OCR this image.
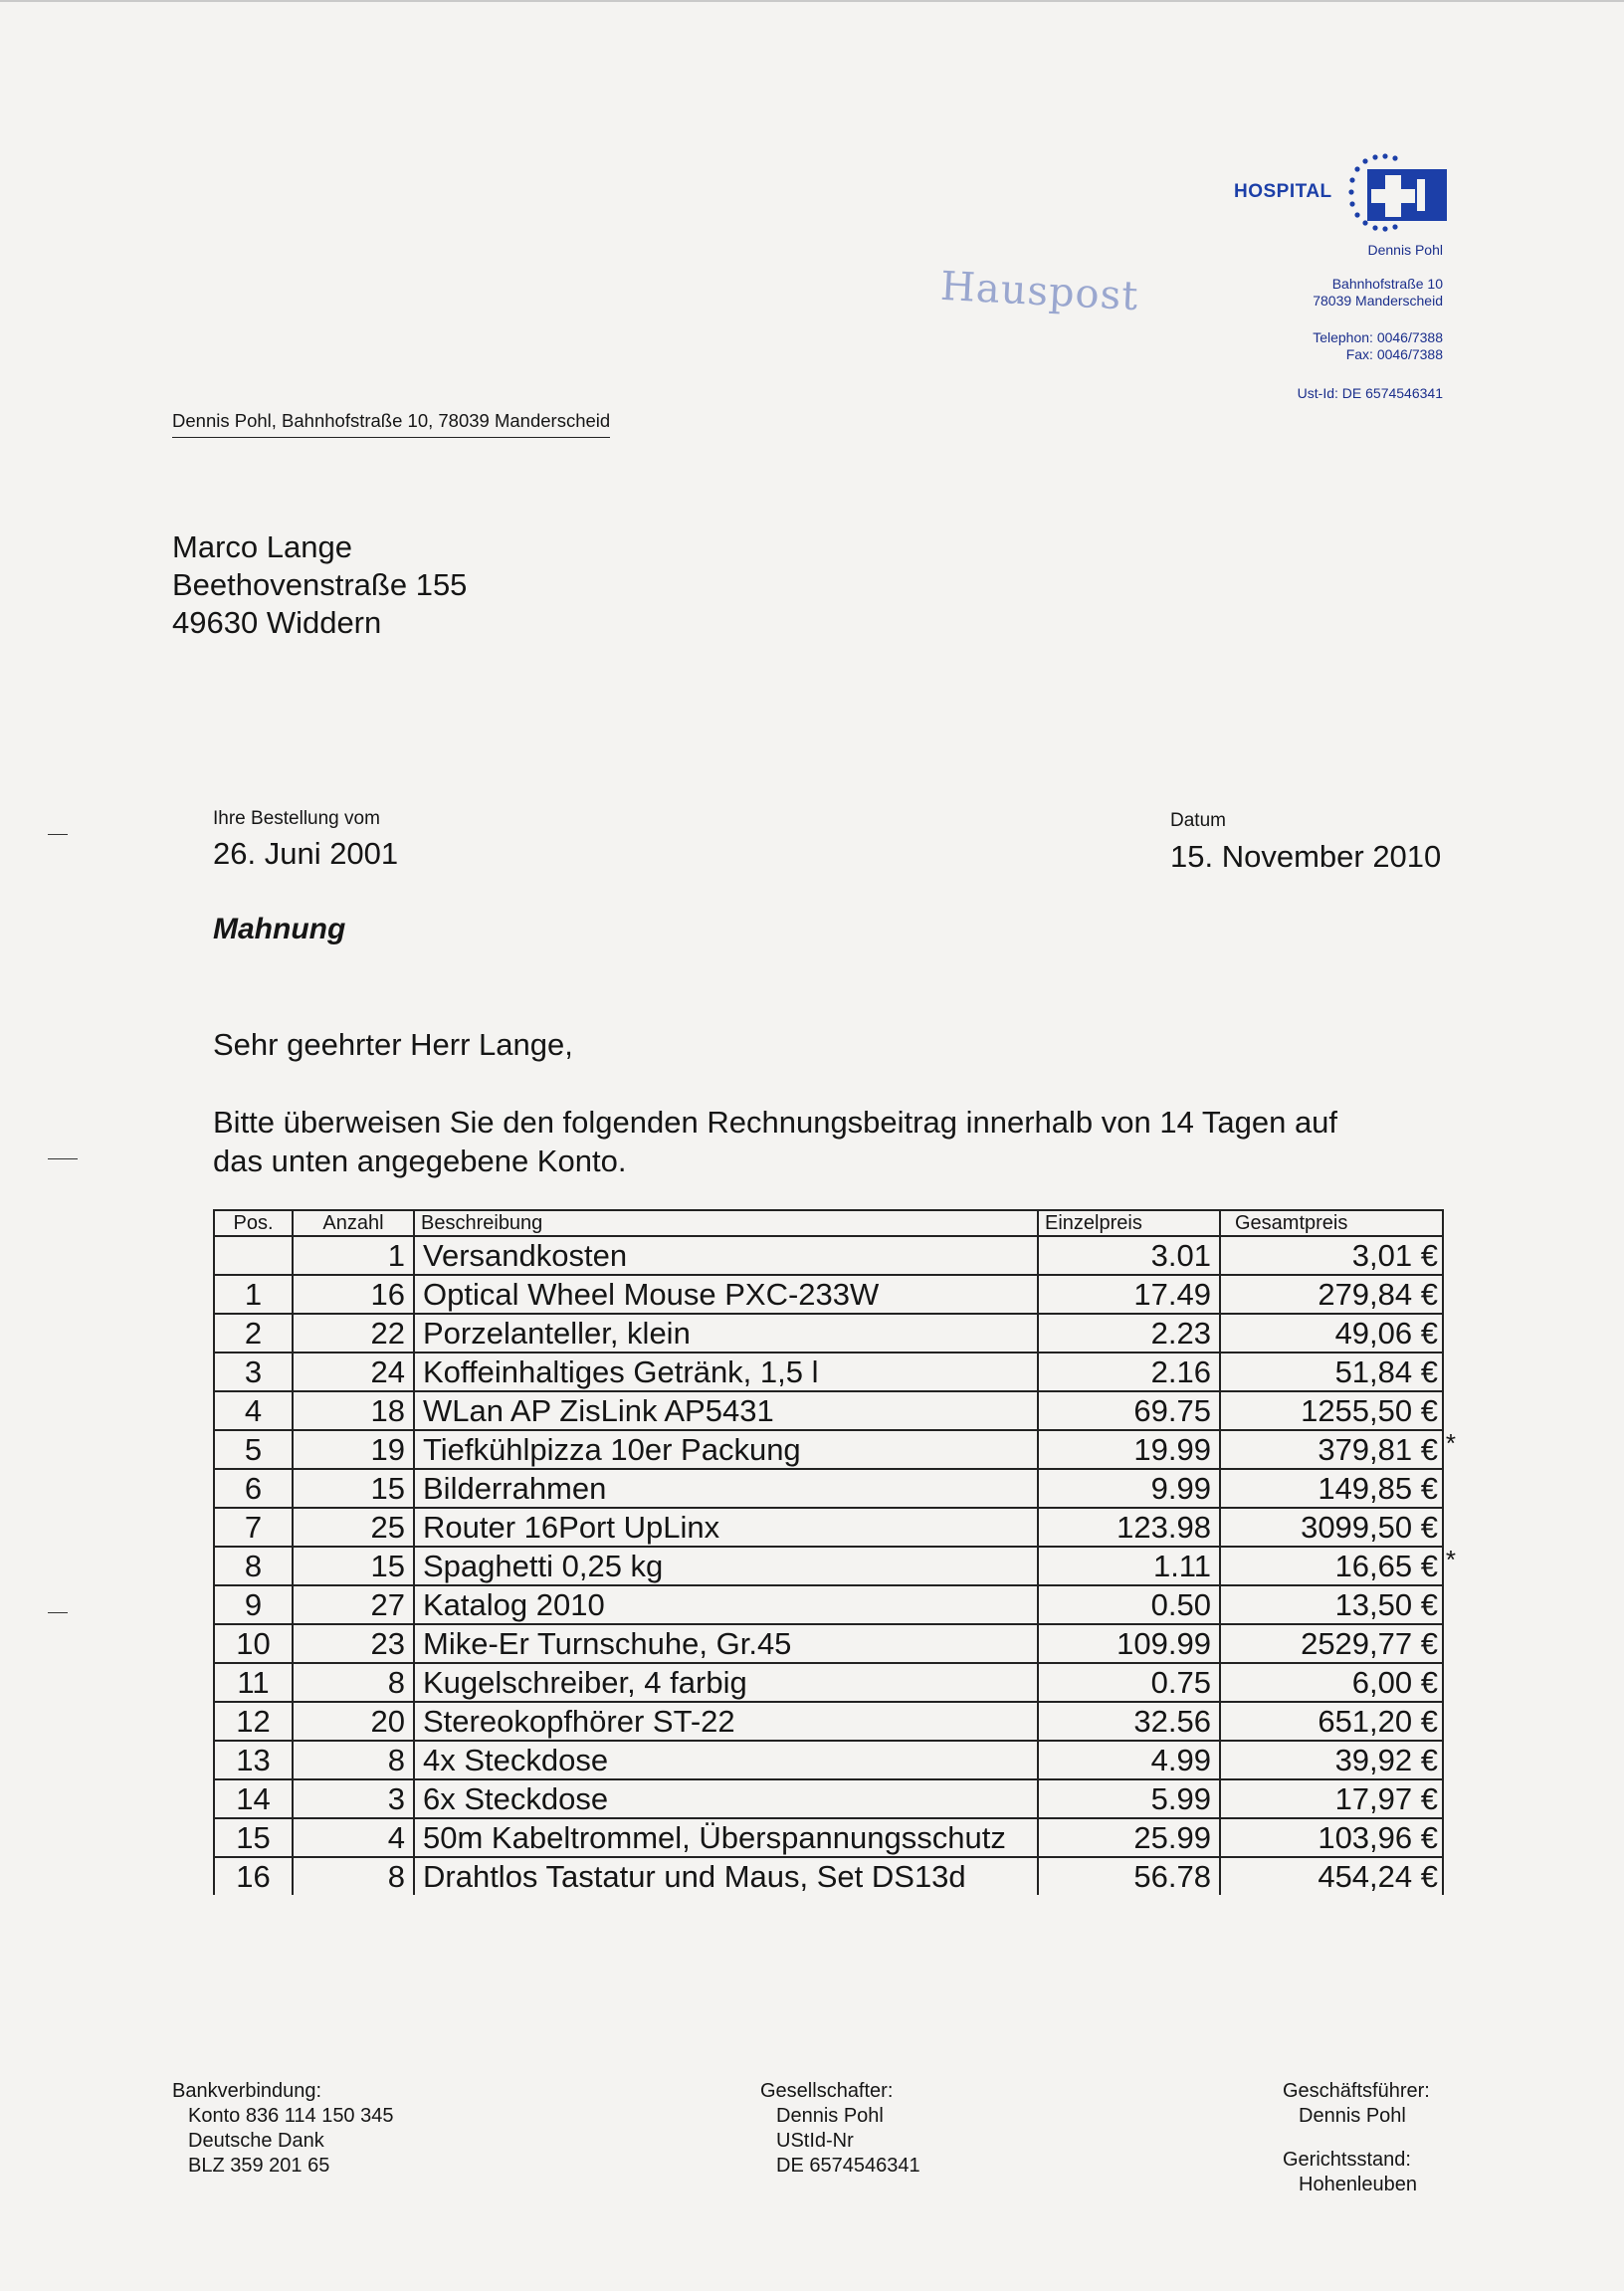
HOSPITAL
Dennis Pohl
Bahnhofstraße 10
78039 Manderscheid
Telephon: 0046/7388
Fax: 0046/7388
Ust-Id: DE 6574546341
Hauspost
Dennis Pohl, Bahnhofstraße 10, 78039 Manderscheid
Marco Lange
Beethovenstraße 155
49630 Widdern
Ihre Bestellung vom
26. Juni 2001
Datum
15. November 2010
Mahnung
Sehr geehrter Herr Lange,
Bitte überweisen Sie den folgenden Rechnungsbeitrag innerhalb von 14 Tagen auf
das unten angegebene Konto.
Pos.	Anzahl	Beschreibung	Einzelpreis	Gesamtpreis
	1	Versandkosten	3.01	3,01 €
1	16	Optical Wheel Mouse PXC-233W	17.49	279,84 €
2	22	Porzelanteller, klein	2.23	49,06 €
3	24	Koffeinhaltiges Getränk, 1,5 l	2.16	51,84 €
4	18	WLan AP ZisLink AP5431	69.75	1255,50 €
5	19	Tiefkühlpizza 10er Packung	19.99	379,81 € *

6	15	Bilderrahmen	9.99	149,85 €
7	25	Router 16Port UpLinx	123.98	3099,50 €
8	15	Spaghetti 0,25 kg	1.11	16,65 € *

9	27	Katalog 2010	0.50	13,50 €
10	23	Mike-Er Turnschuhe, Gr.45	109.99	2529,77 €
11	8	Kugelschreiber, 4 farbig	0.75	6,00 €
12	20	Stereokopfhörer ST-22	32.56	651,20 €
13	8	4x Steckdose	4.99	39,92 €
14	3	6x Steckdose	5.99	17,97 €
15	4	50m Kabeltrommel, Überspannungsschutz	25.99	103,96 €
16	8	Drahtlos Tastatur und Maus, Set DS13d	56.78	454,24 €
Bankverbindung:
Konto 836 114 150 345
Deutsche Dank
BLZ 359 201 65
Gesellschafter:
Dennis Pohl
UStId-Nr
DE 6574546341
Geschäftsführer:
Dennis Pohl
Gerichtsstand:
Hohenleuben
